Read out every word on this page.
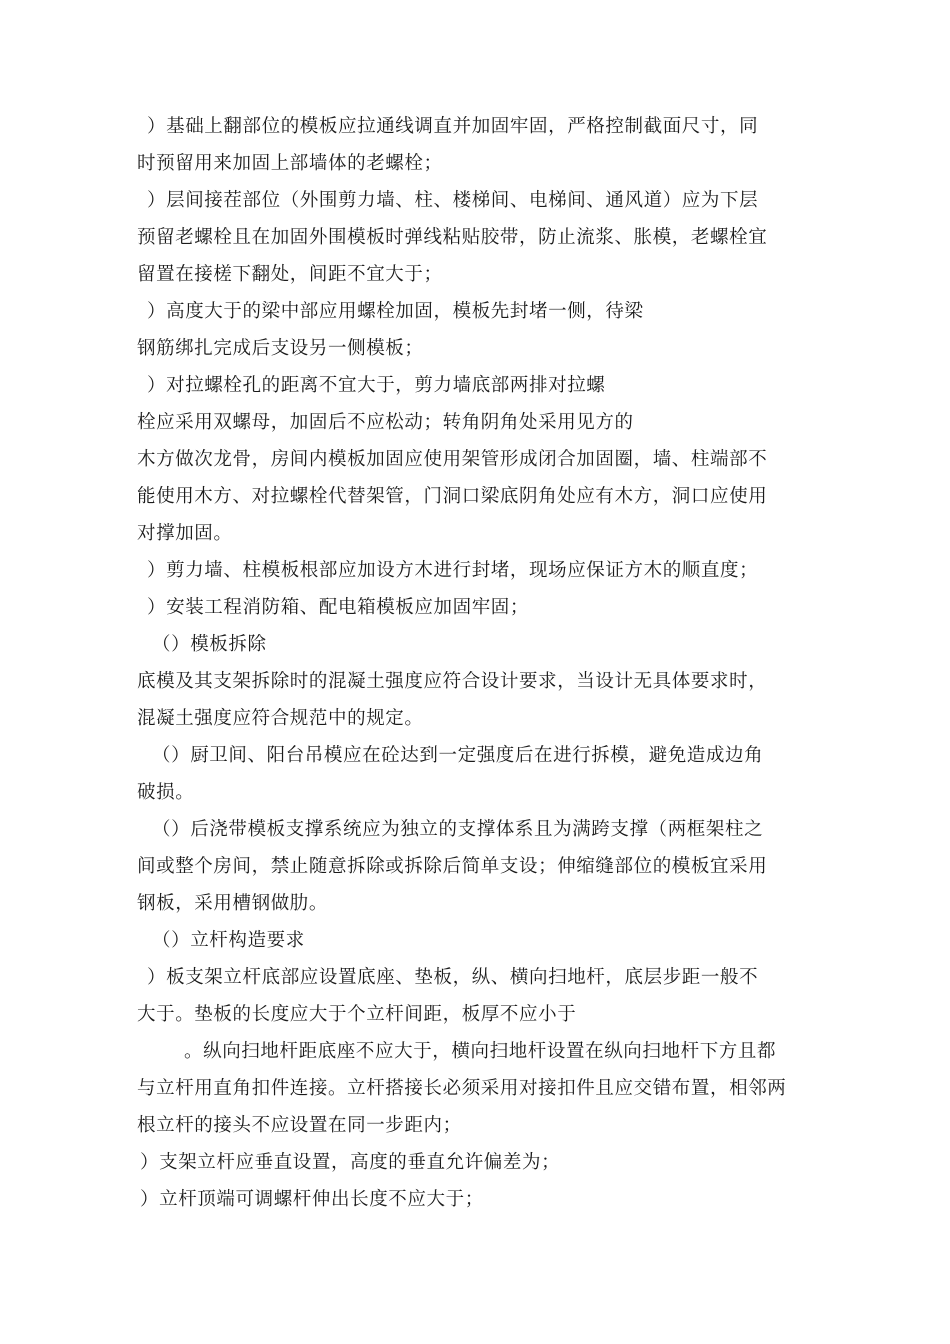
）基础上翻部位的模板应拉通线调直并加固牢固，严格控制截面尺寸，同
时预留用来加固上部墙体的老螺栓；
）层间接茬部位（外围剪力墙、柱、楼梯间、电梯间、通风道）应为下层
预留老螺栓且在加固外围模板时弹线粘贴胶带，防止流浆、胀模，老螺栓宜
留置在接槎下翻处，间距不宜大于；
）高度大于的梁中部应用螺栓加固，模板先封堵一侧，待梁
钢筋绑扎完成后支设另一侧模板；
）对拉螺栓孔的距离不宜大于，剪力墙底部两排对拉螺
栓应采用双螺母，加固后不应松动；转角阴角处采用见方的
木方做次龙骨，房间内模板加固应使用架管形成闭合加固圈，墙、柱端部不
能使用木方、对拉螺栓代替架管，门洞口梁底阴角处应有木方，洞口应使用
对撑加固。
）剪力墙、柱模板根部应加设方木进行封堵，现场应保证方木的顺直度；
）安装工程消防箱、配电箱模板应加固牢固；
（）模板拆除
底模及其支架拆除时的混凝土强度应符合设计要求，当设计无具体要求时，
混凝土强度应符合规范中的规定。
（）厨卫间、阳台吊模应在砼达到一定强度后在进行拆模，避免造成边角
破损。
（）后浇带模板支撑系统应为独立的支撑体系且为满跨支撑（两框架柱之
间或整个房间，禁止随意拆除或拆除后简单支设；伸缩缝部位的模板宜采用
钢板，采用槽钢做肋。
（）立杆构造要求
）板支架立杆底部应设置底座、垫板，纵、横向扫地杆，底层步距一般不
大于。垫板的长度应大于个立杆间距，板厚不应小于
。纵向扫地杆距底座不应大于，横向扫地杆设置在纵向扫地杆下方且都
与立杆用直角扣件连接。立杆搭接长必须采用对接扣件且应交错布置，相邻两
根立杆的接头不应设置在同一步距内；
）支架立杆应垂直设置，高度的垂直允许偏差为；
）立杆顶端可调螺杆伸出长度不应大于；
